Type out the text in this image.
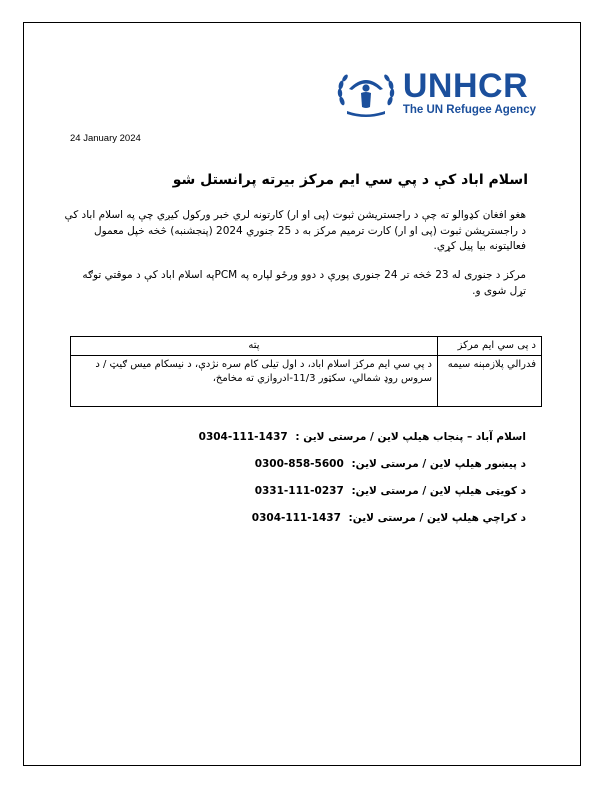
UNHCR
The UN Refugee Agency
24 January 2024
اسلام اباد کې د پي سي ایم مرکز بیرته پرانستل شو

هغو افغان کډوالو ته چې د راجستریشن ثبوت (پی او ار) کارتونه لري خبر ورکول کیږي چې په اسلام اباد کې د راجستریشن ثبوت (پی او ار) کارت ترمیم مرکز به د 25 جنوري 2024 (پنجشنبه) څخه خپل معمول فعالیتونه بیا پیل کړي.

مرکز د جنوری له 23 څخه تر 24 جنوری پورې د دوو ورځو لپاره په PCMپه اسلام اباد کې د موقتي توګه تړل شوی و.

د پی سي ایم مرکز	پته
فدرالي پلازمېنه سیمه	د پي سي ایم مرکز اسلام اباد، د اول تیلی کام سره نژدې، د نیسکام میس ګیټ / د سروس روډ شمالي، سکټور 11/3-ادروازي ته مخامخ،
اسلام آباد – پنجاب هیلپ لاین / مرستی لاین : 0304-111-1437
د پیښور هیلپ لاین / مرستی لاین: 0300-858-5600
د کویټی هیلپ لاین / مرستی لاین: 0331-111-0237
د کراچي هیلپ لاین / مرستی لاین: 0304-111-1437
